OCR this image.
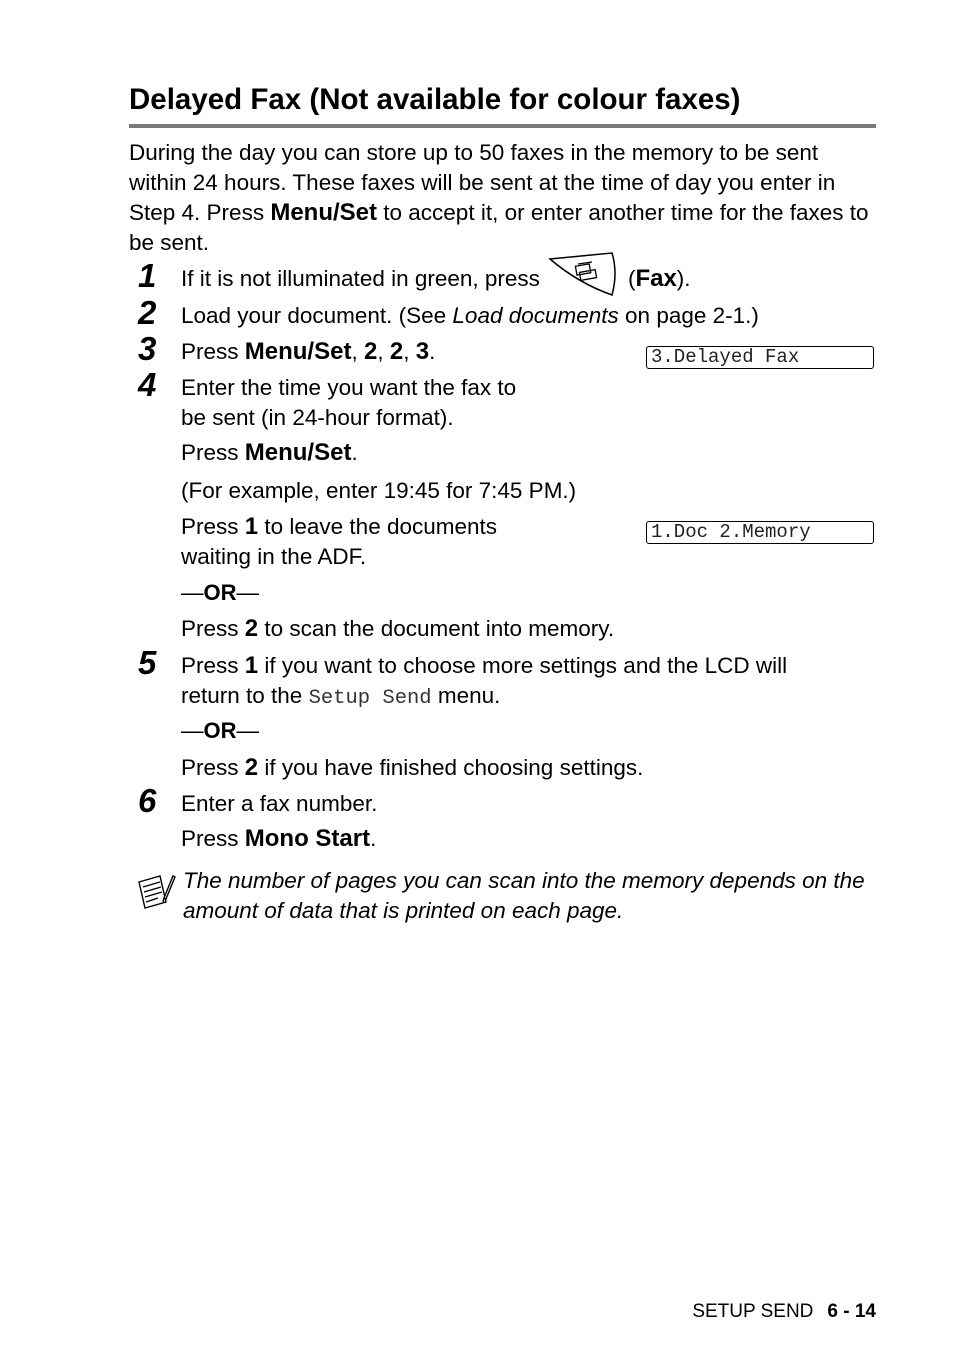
Delayed Fax (Not available for colour faxes)

During the day you can store up to 50 faxes in the memory to be sent within 24 hours. These faxes will be sent at the time of day you enter in Step 4. Press Menu/Set to accept it, or enter another time for the faxes to be sent.

1 If it is not illuminated in green, press	(Fax).
2 Load your document. (See Load documents on page 2-1.)
3 Press Menu/Set, 2, 2, 3.	3.Delayed Fax
4 Enter the time you want the fax to
be sent (in 24-hour format).
Press Menu/Set.
(For example, enter 19:45 for 7:45 PM.)
Press 1 to leave the documents
waiting in the ADF.
1.Doc 2.Memory
—OR—
Press 2 to scan the document into memory.
5 Press 1 if you want to choose more settings and the LCD will
return to the Setup Send menu.
—OR—
Press 2 if you have finished choosing settings.
6 Enter a fax number.
Press Mono Start.
The number of pages you can scan into the memory depends on the amount of data that is printed on each page.
SETUP SEND 6 - 14
